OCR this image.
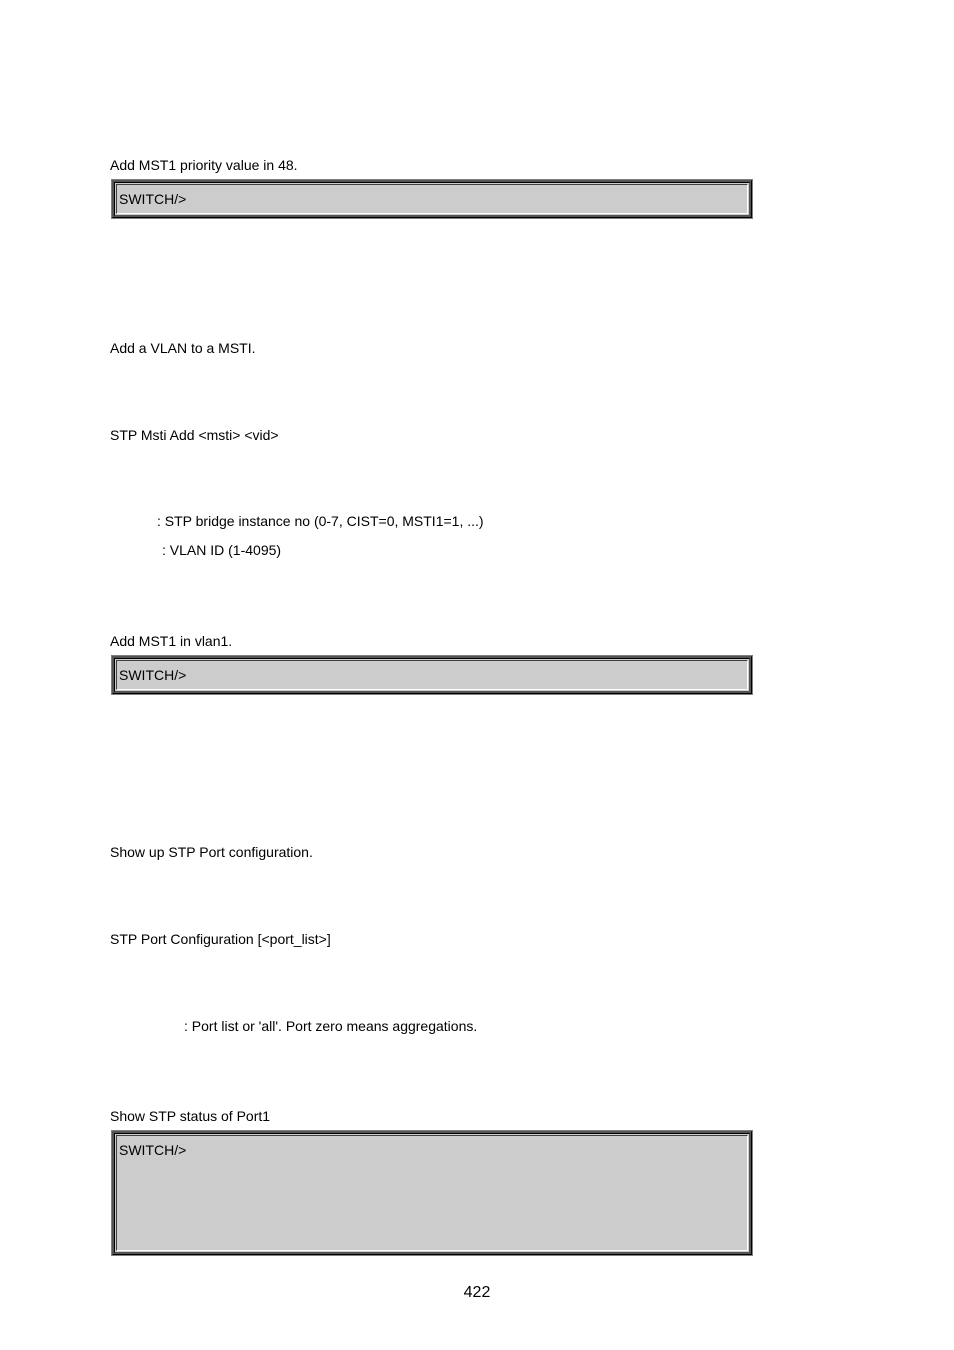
Add MST1 priority value in 48.
SWITCH/>
Add a VLAN to a MSTI.
STP Msti Add <msti> <vid>
: STP bridge instance no (0-7, CIST=0, MSTI1=1, ...)
: VLAN ID (1-4095)
Add MST1 in vlan1.
SWITCH/>
Show up STP Port configuration.
STP Port Configuration [<port_list>]
: Port list or 'all'. Port zero means aggregations.
Show STP status of Port1
SWITCH/>
422
